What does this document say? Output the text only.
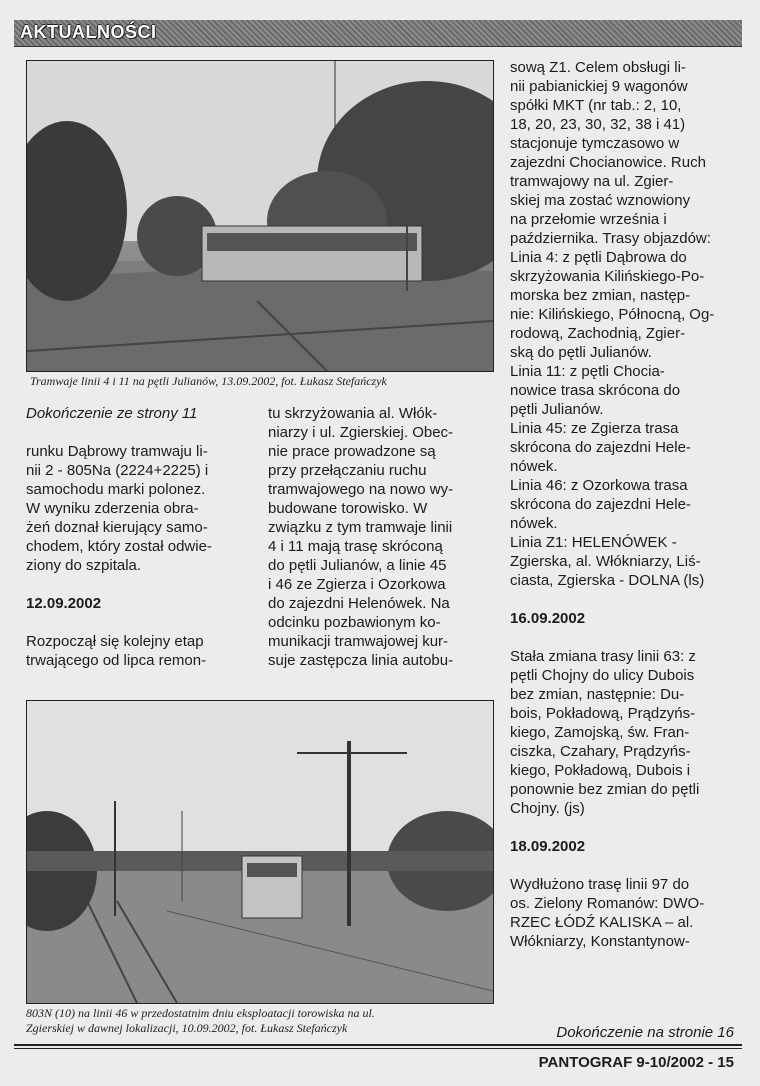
AKTUALNOŚCI
Tramwaje linii 4 i 11 na pętli Julianów, 13.09.2002, fot. Łukasz Stefańczyk

sową Z1. Celem obsługi li-

nii pabianickiej 9 wagonów

spółki MKT (nr tab.: 2, 10,

18, 20, 23, 30, 32, 38 i 41)

stacjonuje tymczasowo w

zajezdni Chocianowice. Ruch

tramwajowy na ul. Zgier-

skiej ma zostać wznowiony

na przełomie września i

października. Trasy objazdów:

Linia 4: z pętli Dąbrowa do

skrzyżowania Kilińskiego-Po-

morska bez zmian, następ-

nie: Kilińskiego, Północną, Og-

rodową, Zachodnią, Zgier-

ską do pętli Julianów.

Linia 11: z pętli Chocia-

nowice trasa skrócona do

pętli Julianów.

Linia 45: ze Zgierza trasa

skrócona do zajezdni Hele-

nówek.

Linia 46: z Ozorkowa trasa

skrócona do zajezdni Hele-

nówek.

Linia Z1: HELENÓWEK -

Zgierska, al. Włókniarzy, Liś-

ciasta, Zgierska - DOLNA (ls)

16.09.2002

Stała zmiana trasy linii 63: z

pętli Chojny do ulicy Dubois

bez zmian, następnie: Du-

bois, Pokładową, Prądzyńs-

kiego, Zamojską, św. Fran-

ciszka, Czahary, Prądzyńs-

kiego, Pokładową, Dubois i

ponownie bez zmian do pętli

Chojny. (js)

18.09.2002

Wydłużono trasę linii 97 do

os. Zielony Romanów: DWO-

RZEC ŁÓDŹ KALISKA – al.

Włókniarzy, Konstantynow-

Dokończenie ze strony 11

runku Dąbrowy tramwaju li-

nii 2 - 805Na (2224+2225) i

samochodu marki polonez.

W wyniku zderzenia obra-

żeń doznał kierujący samo-

chodem, który został odwie-

ziony do szpitala.

12.09.2002

Rozpoczął się kolejny etap

trwającego od lipca remon-

tu skrzyżowania al. Włók-

niarzy i ul. Zgierskiej. Obec-

nie prace prowadzone są

przy przełączaniu ruchu

tramwajowego na nowo wy-

budowane torowisko. W

związku z tym tramwaje linii

4 i 11 mają trasę skróconą

do pętli Julianów, a linie 45

i 46 ze Zgierza i Ozorkowa

do zajezdni Helenówek. Na

odcinku pozbawionym ko-

munikacji tramwajowej kur-

suje zastępcza linia autobu-

803N (10) na linii 46 w przedostatnim dniu eksploatacji torowiska na ul.
Zgierskiej w dawnej lokalizacji, 10.09.2002, fot. Łukasz Stefańczyk	Dokończenie na stronie 16
PANTOGRAF 9-10/2002 - 15
